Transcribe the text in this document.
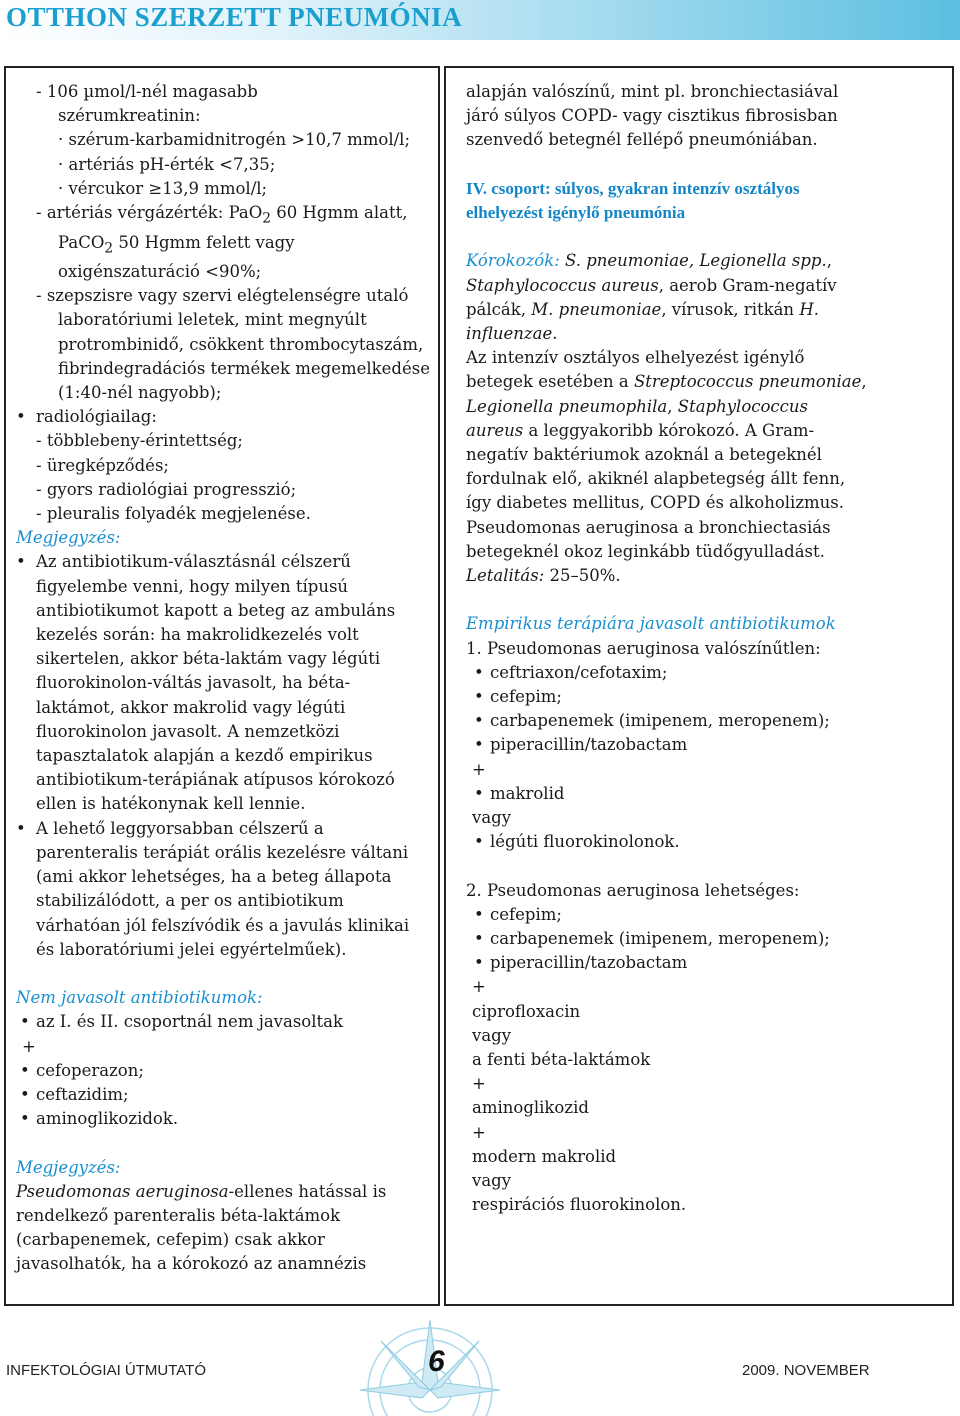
OTTHON SZERZETT PNEUMÓNIA
- 106 µmol/l-nél magasabb
szérumkreatinin:
· szérum-karbamidnitrogén >10,7 mmol/l;
· artériás pH-érték <7,35;
· vércukor ≥13,9 mmol/l;
- artériás vérgázérték: PaO$_2$ 60 Hgmm alatt,
PaCO$_2$ 50 Hgmm felett vagy
oxigénszaturáció <90%;
- szepszisre vagy szervi elégtelenségre utaló
laboratóriumi leletek, mint megnyúlt
protrombinidő, csökkent thrombocytaszám,
fibrindegradációs termékek megemelkedése
(1:40-nél nagyobb);
• radiológiailag:
- többlebeny-érintettség;
- üregképződés;
- gyors radiológiai progresszió;
- pleuralis folyadék megjelenése.
Megjegyzés:
• Az antibiotikum-választásnál célszerű
figyelembe venni, hogy milyen típusú
antibiotikumot kapott a beteg az ambuláns
kezelés során: ha makrolidkezelés volt
sikertelen, akkor béta-laktám vagy légúti
fluorokinolon-váltás javasolt, ha béta-
laktámot, akkor makrolid vagy légúti
fluorokinolon javasolt. A nemzetközi
tapasztalatok alapján a kezdő empirikus
antibiotikum-terápiának atípusos kórokozó
ellen is hatékonynak kell lennie.
• A lehető leggyorsabban célszerű a
parenteralis terápiát orális kezelésre váltani
(ami akkor lehetséges, ha a beteg állapota
stabilizálódott, a per os antibiotikum
várhatóan jól felszívódik és a javulás klinikai
és laboratóriumi jelei egyértelműek).
Nem javasolt antibiotikumok:
• az I. és II. csoportnál nem javasoltak
+
• cefoperazon;
• ceftazidim;
• aminoglikozidok.
Megjegyzés:
Pseudomonas aeruginosa-ellenes hatással is
rendelkező parenteralis béta-laktámok
(carbapenemek, cefepim) csak akkor
javasolhatók, ha a kórokozó az anamnézis
alapján valószínű, mint pl. bronchiectasiával
járó súlyos COPD- vagy cisztikus fibrosisban
szenvedő betegnél fellépő pneumóniában.
IV. csoport: súlyos, gyakran intenzív osztályos
elhelyezést igénylő pneumónia
Kórokozók: S. pneumoniae, Legionella spp.,
Staphylococcus aureus, aerob Gram-negatív
pálcák, M. pneumoniae, vírusok, ritkán H.
influenzae.
Az intenzív osztályos elhelyezést igénylő
betegek esetében a Streptococcus pneumoniae,
Legionella pneumophila, Staphylococcus
aureus a leggyakoribb kórokozó. A Gram-
negatív baktériumok azoknál a betegeknél
fordulnak elő, akiknél alapbetegség állt fenn,
így diabetes mellitus, COPD és alkoholizmus.
Pseudomonas aeruginosa a bronchiectasiás
betegeknél okoz leginkább tüdőgyulladást.
Letalitás: 25–50%.
Empirikus terápiára javasolt antibiotikumok
1. Pseudomonas aeruginosa valószínűtlen:
• ceftriaxon/cefotaxim;
• cefepim;
• carbapenemek (imipenem, meropenem);
• piperacillin/tazobactam
+
• makrolid
vagy
• légúti fluorokinolonok.
2. Pseudomonas aeruginosa lehetséges:
• cefepim;
• carbapenemek (imipenem, meropenem);
• piperacillin/tazobactam
+
ciprofloxacin
vagy
a fenti béta-laktámok
+
aminoglikozid
+
modern makrolid
vagy
respirációs fluorokinolon.
INFEKTOLÓGIAI ÚTMUTATÓ	6	2009. NOVEMBER
